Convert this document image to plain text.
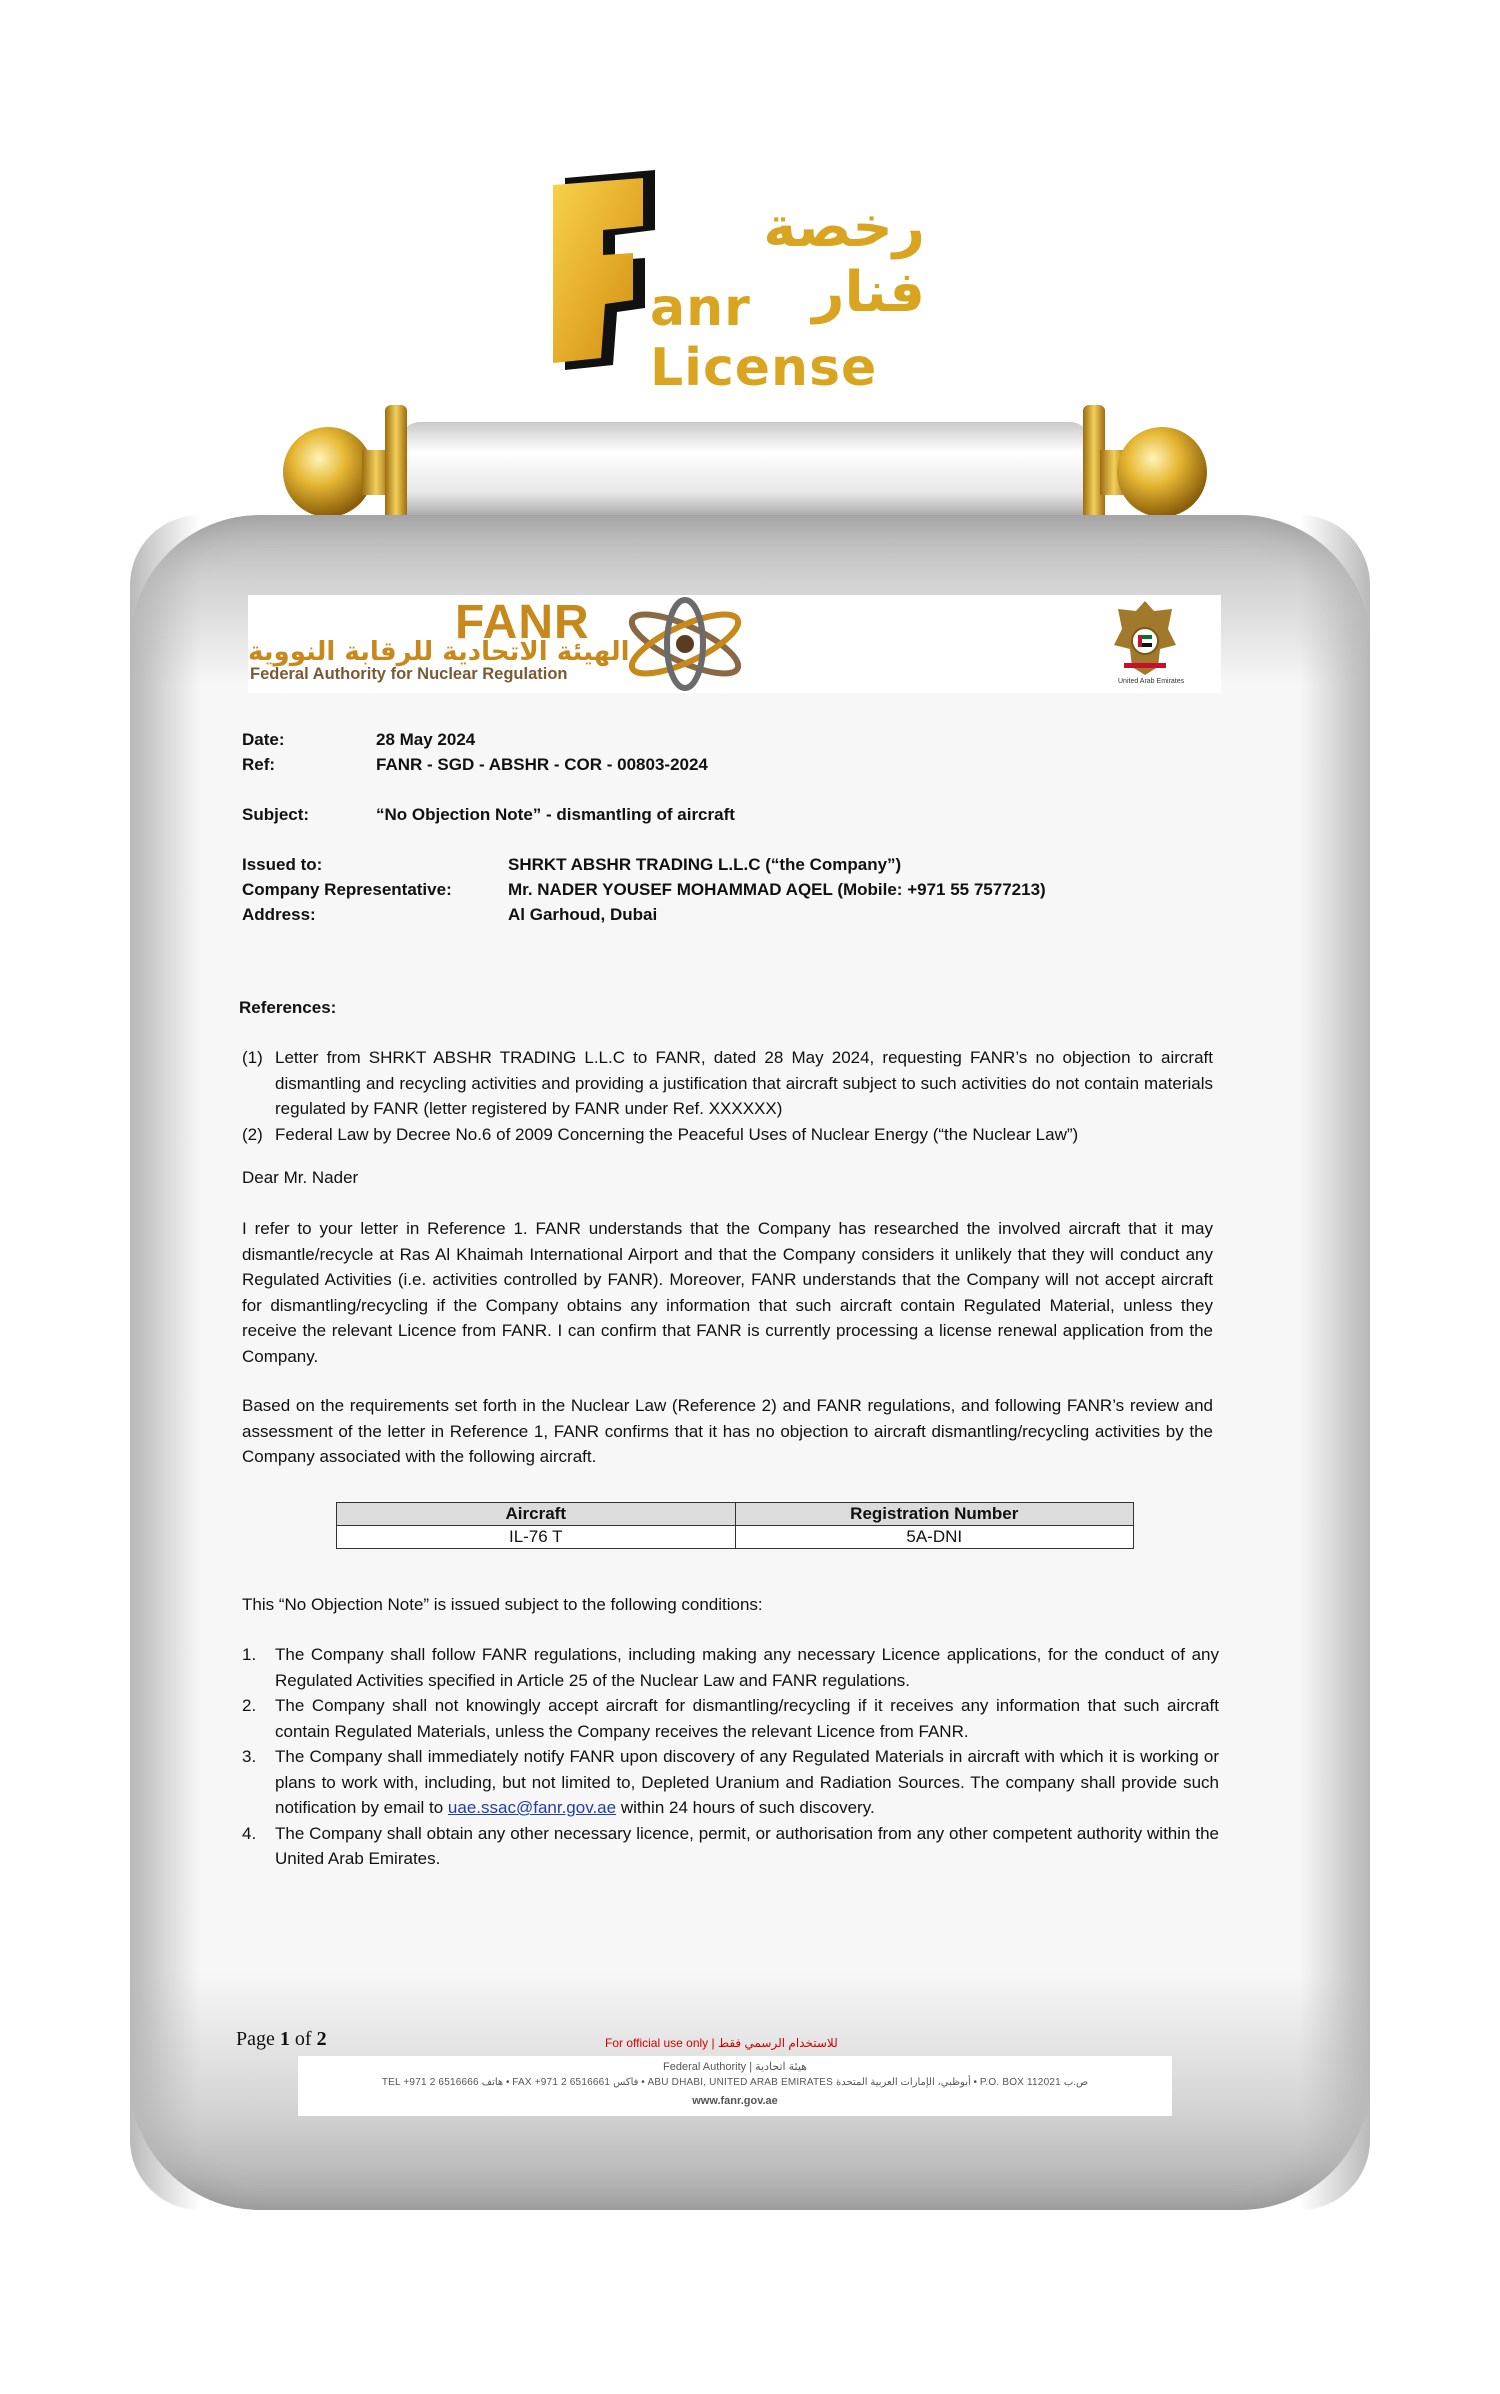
رخصة فنار
anr License
FANR
الهيئة الاتحادية للرقابة النووية
Federal Authority for Nuclear Regulation	United Arab Emirates
Date:	28 May 2024
Ref:	FANR - SGD - ABSHR - COR - 00803-2024
Subject:	“No Objection Note” - dismantling of aircraft
Issued to:	SHRKT ABSHR TRADING L.L.C (“the Company”)
Company Representative:	Mr. NADER YOUSEF MOHAMMAD AQEL (Mobile: +971 55 7577213)
Address:	Al Garhoud, Dubai
References:
(1) Letter from SHRKT ABSHR TRADING L.L.C to FANR, dated 28 May 2024, requesting FANR’s no objection to aircraft dismantling and recycling activities and providing a justification that aircraft subject to such activities do not contain materials regulated by FANR (letter registered by FANR under Ref. XXXXXX)
(2) Federal Law by Decree No.6 of 2009 Concerning the Peaceful Uses of Nuclear Energy (“the Nuclear Law”)
Dear Mr. Nader
I refer to your letter in Reference 1. FANR understands that the Company has researched the involved aircraft that it may dismantle/recycle at Ras Al Khaimah International Airport and that the Company considers it unlikely that they will conduct any Regulated Activities (i.e. activities controlled by FANR). Moreover, FANR understands that the Company will not accept aircraft for dismantling/recycling if the Company obtains any information that such aircraft contain Regulated Material, unless they receive the relevant Licence from FANR. I can confirm that FANR is currently processing a license renewal application from the Company.
Based on the requirements set forth in the Nuclear Law (Reference 2) and FANR regulations, and following FANR’s review and assessment of the letter in Reference 1, FANR confirms that it has no objection to aircraft dismantling/recycling activities by the Company associated with the following aircraft.
Aircraft	Registration Number
IL-76 T	5A-DNI
This “No Objection Note” is issued subject to the following conditions:
1. The Company shall follow FANR regulations, including making any necessary Licence applications, for the conduct of any Regulated Activities specified in Article 25 of the Nuclear Law and FANR regulations.
2. The Company shall not knowingly accept aircraft for dismantling/recycling if it receives any information that such aircraft contain Regulated Materials, unless the Company receives the relevant Licence from FANR.
3. The Company shall immediately notify FANR upon discovery of any Regulated Materials in aircraft with which it is working or plans to work with, including, but not limited to, Depleted Uranium and Radiation Sources. The company shall provide such notification by email to uae.ssac@fanr.gov.ae within 24 hours of such discovery.
4. The Company shall obtain any other necessary licence, permit, or authorisation from any other competent authority within the United Arab Emirates.
Page 1 of 2	For official use only | للاستخدام الرسمي فقط
Federal Authority | هيئة اتحادية
TEL +971 2 6516666 هاتف • FAX +971 2 6516661 فاكس • ABU DHABI, UNITED ARAB EMIRATES أبوظبي، الإمارات العربية المتحدة • P.O. BOX 112021 ص.ب
www.fanr.gov.ae
